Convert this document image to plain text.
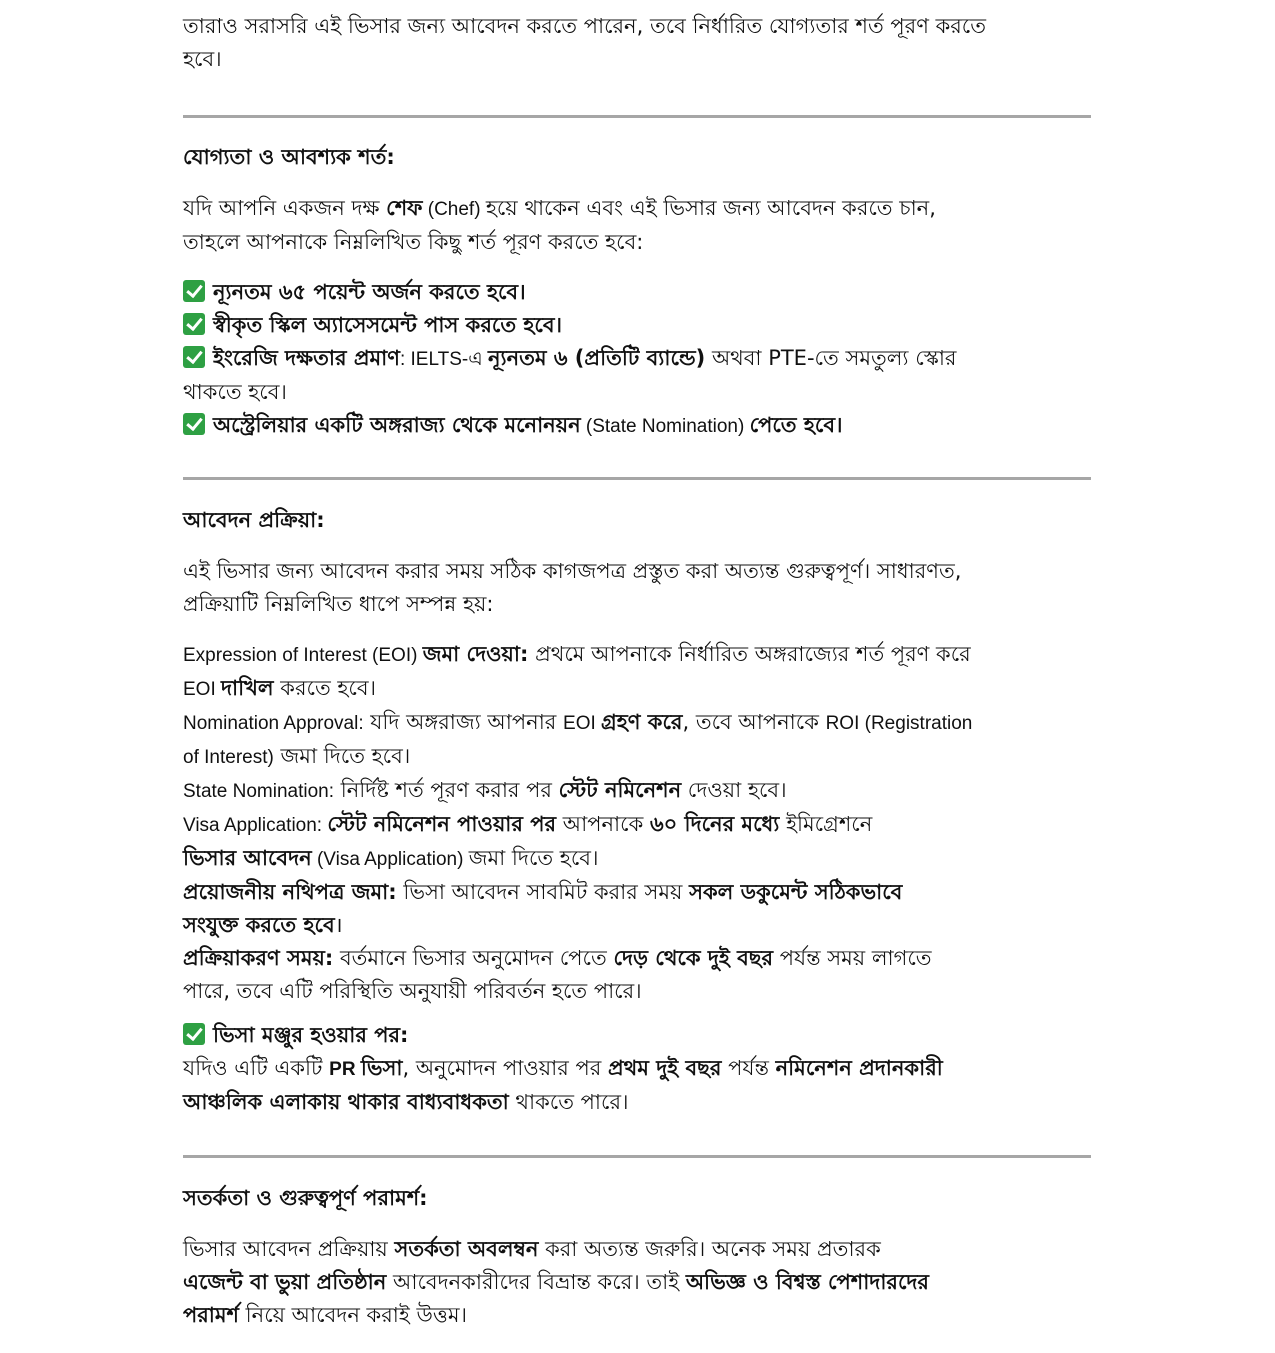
তারাও সরাসরি এই ভিসার জন্য আবেদন করতে পারেন, তবে নির্ধারিত যোগ্যতার শর্ত পূরণ করতে

হবে।

যোগ্যতা ও আবশ্যক শর্ত:

যদি আপনি একজন দক্ষ শেফ (Chef) হয়ে থাকেন এবং এই ভিসার জন্য আবেদন করতে চান,

তাহলে আপনাকে নিম্নলিখিত কিছু শর্ত পূরণ করতে হবে:

ন্যূনতম ৬৫ পয়েন্ট অর্জন করতে হবে।

স্বীকৃত স্কিল অ্যাসেসমেন্ট পাস করতে হবে।

ইংরেজি দক্ষতার প্রমাণ: IELTS-এ ন্যূনতম ৬ (প্রতিটি ব্যান্ডে) অথবা PTE-তে সমতুল্য স্কোর

থাকতে হবে।

অস্ট্রেলিয়ার একটি অঙ্গরাজ্য থেকে মনোনয়ন (State Nomination) পেতে হবে।

আবেদন প্রক্রিয়া:

এই ভিসার জন্য আবেদন করার সময় সঠিক কাগজপত্র প্রস্তুত করা অত্যন্ত গুরুত্বপূর্ণ। সাধারণত,

প্রক্রিয়াটি নিম্নলিখিত ধাপে সম্পন্ন হয়:

Expression of Interest (EOI) জমা দেওয়া: প্রথমে আপনাকে নির্ধারিত অঙ্গরাজ্যের শর্ত পূরণ করে

EOI দাখিল করতে হবে।

Nomination Approval: যদি অঙ্গরাজ্য আপনার EOI গ্রহণ করে, তবে আপনাকে ROI (Registration

of Interest) জমা দিতে হবে।

State Nomination: নির্দিষ্ট শর্ত পূরণ করার পর স্টেট নমিনেশন দেওয়া হবে।

Visa Application: স্টেট নমিনেশন পাওয়ার পর আপনাকে ৬০ দিনের মধ্যে ইমিগ্রেশনে

ভিসার আবেদন (Visa Application) জমা দিতে হবে।

প্রয়োজনীয় নথিপত্র জমা: ভিসা আবেদন সাবমিট করার সময় সকল ডকুমেন্ট সঠিকভাবে

সংযুক্ত করতে হবে।

প্রক্রিয়াকরণ সময়: বর্তমানে ভিসার অনুমোদন পেতে দেড় থেকে দুই বছর পর্যন্ত সময় লাগতে

পারে, তবে এটি পরিস্থিতি অনুযায়ী পরিবর্তন হতে পারে।

ভিসা মঞ্জুর হওয়ার পর:

যদিও এটি একটি PR ভিসা, অনুমোদন পাওয়ার পর প্রথম দুই বছর পর্যন্ত নমিনেশন প্রদানকারী

আঞ্চলিক এলাকায় থাকার বাধ্যবাধকতা থাকতে পারে।

সতর্কতা ও গুরুত্বপূর্ণ পরামর্শ:

ভিসার আবেদন প্রক্রিয়ায় সতর্কতা অবলম্বন করা অত্যন্ত জরুরি। অনেক সময় প্রতারক

এজেন্ট বা ভুয়া প্রতিষ্ঠান আবেদনকারীদের বিভ্রান্ত করে। তাই অভিজ্ঞ ও বিশ্বস্ত পেশাদারদের

পরামর্শ নিয়ে আবেদন করাই উত্তম।
